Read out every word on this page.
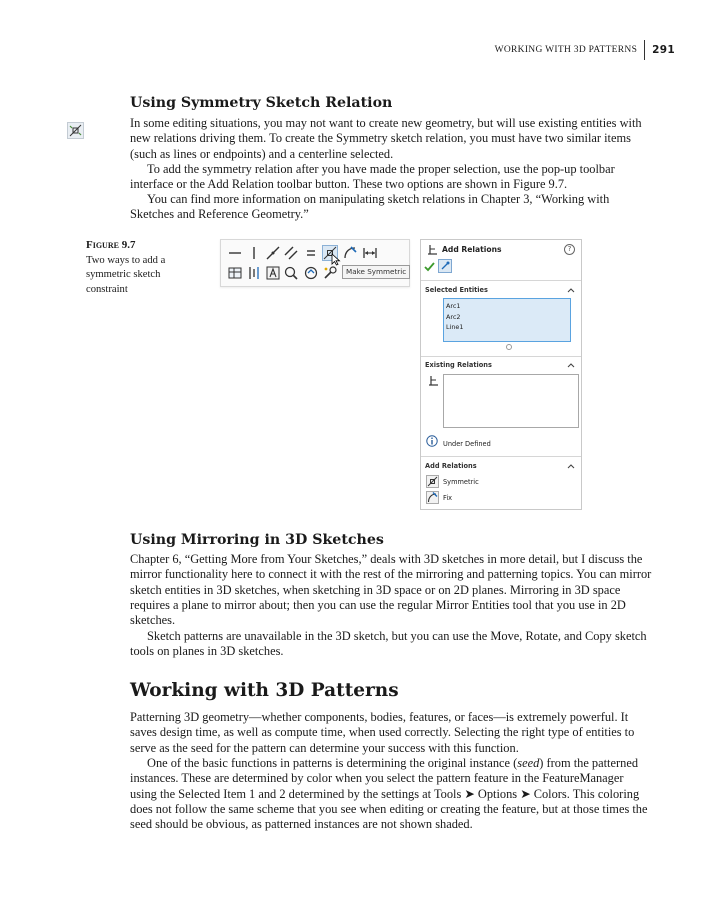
WORKING WITH 3D PATTERNS	291
Using Symmetry Sketch Relation

In some editing situations, you may not want to create new geometry, but will use existing entities with new relations driving them. To create the Symmetry sketch relation, you must have two similar items (such as lines or endpoints) and a centerline selected.

To add the symmetry relation after you have made the proper selection, use the pop-up toolbar interface or the Add Relation toolbar button. These two options are shown in Figure 9.7.

You can find more information on manipulating sketch relations in Chapter 3, “Working with Sketches and Reference Geometry.”

Figure 9.7
Two ways to add a symmetric sketch constraint
Make Symmetric
Add Relations	?
Selected Entities
Arc1
Arc2
Line1
Existing Relations
Under Defined
Add Relations
Symmetric
Fix
Using Mirroring in 3D Sketches

Chapter 6, “Getting More from Your Sketches,” deals with 3D sketches in more detail, but I discuss the mirror functionality here to connect it with the rest of the mirroring and patterning topics. You can mirror sketch entities in 3D sketches, when sketching in 3D space or on 2D planes. Mirroring in 3D space requires a plane to mirror about; then you can use the regular Mirror Entities tool that you use in 2D sketches.

Sketch patterns are unavailable in the 3D sketch, but you can use the Move, Rotate, and Copy sketch tools on planes in 3D sketches.

Working with 3D Patterns

Patterning 3D geometry—whether components, bodies, features, or faces—is extremely powerful. It saves design time, as well as compute time, when used correctly. Selecting the right type of entities to serve as the seed for the pattern can determine your success with this function.

One of the basic functions in patterns is determining the original instance (seed) from the patterned instances. These are determined by color when you select the pattern feature in the FeatureManager using the Selected Item 1 and 2 determined by the settings at Tools ➤ Options ➤ Colors. This coloring does not follow the same scheme that you see when editing or creating the feature, but at those times the seed should be obvious, as patterned instances are not shown shaded.
